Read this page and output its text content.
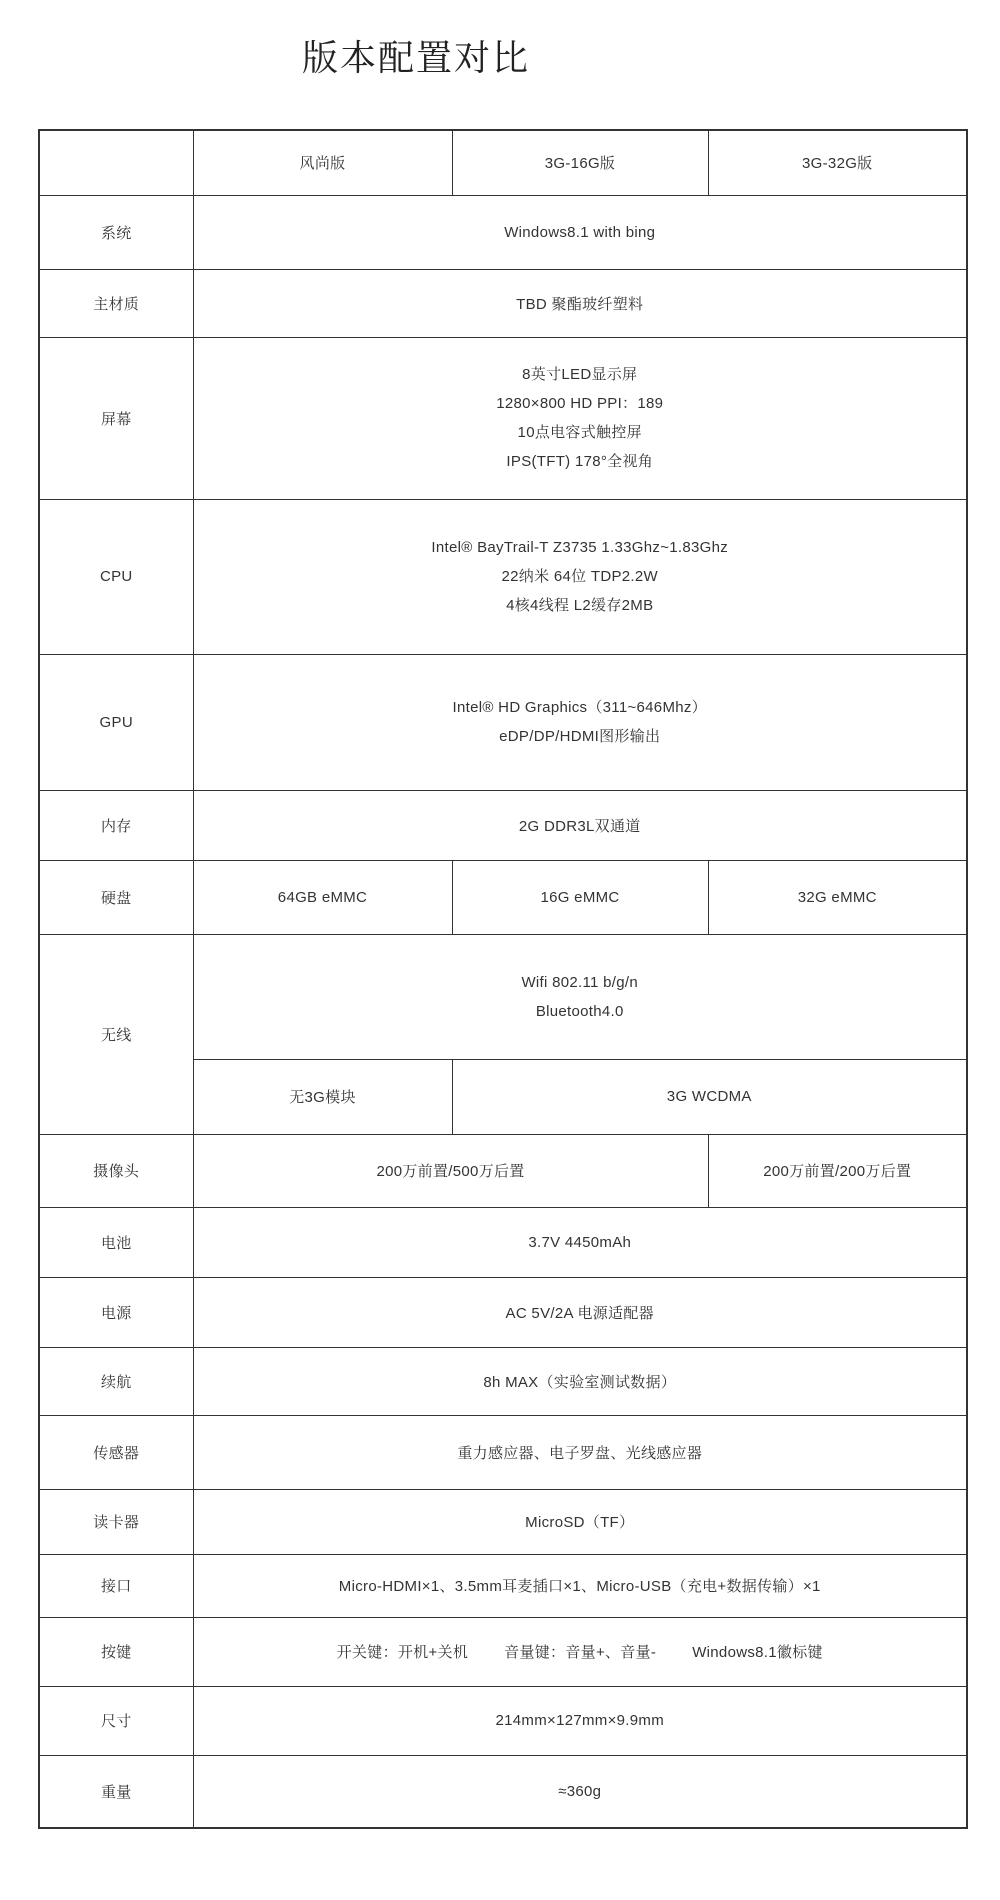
版本配置对比
	风尚版	3G-16G版	3G-32G版
系统	Windows8.1 with bing		
主材质	TBD 聚酯玻纤塑料		
屏幕	8英寸LED显示屏
1280×800 HD PPI：189
10点电容式触控屏
IPS(TFT) 178°全视角		

CPU	Intel® BayTrail-T Z3735 1.33Ghz~1.83Ghz
22纳米 64位 TDP2.2W
4核4线程 L2缓存2MB		

GPU	Intel® HD Graphics（311~646Mhz）
eDP/DP/HDMI图形输出		

内存	2G DDR3L双通道		
硬盘	64GB eMMC	16G eMMC	32G eMMC
无线	Wifi 802.11 b/g/n
Bluetooth4.0		

	无3G模块	3G WCDMA	
摄像头	200万前置/500万后置		200万前置/200万后置
电池	3.7V 4450mAh		
电源	AC 5V/2A 电源适配器		
续航	8h MAX（实验室测试数据）		
传感器	重力感应器、电子罗盘、光线感应器		
读卡器	MicroSD（TF）		
接口	Micro-HDMI×1、3.5mm耳麦插口×1、Micro-USB（充电+数据传输）×1		
按键	开关键：开机+关机 音量键：音量+、音量- Windows8.1徽标键		

尺寸	214mm×127mm×9.9mm		
重量	≈360g		
